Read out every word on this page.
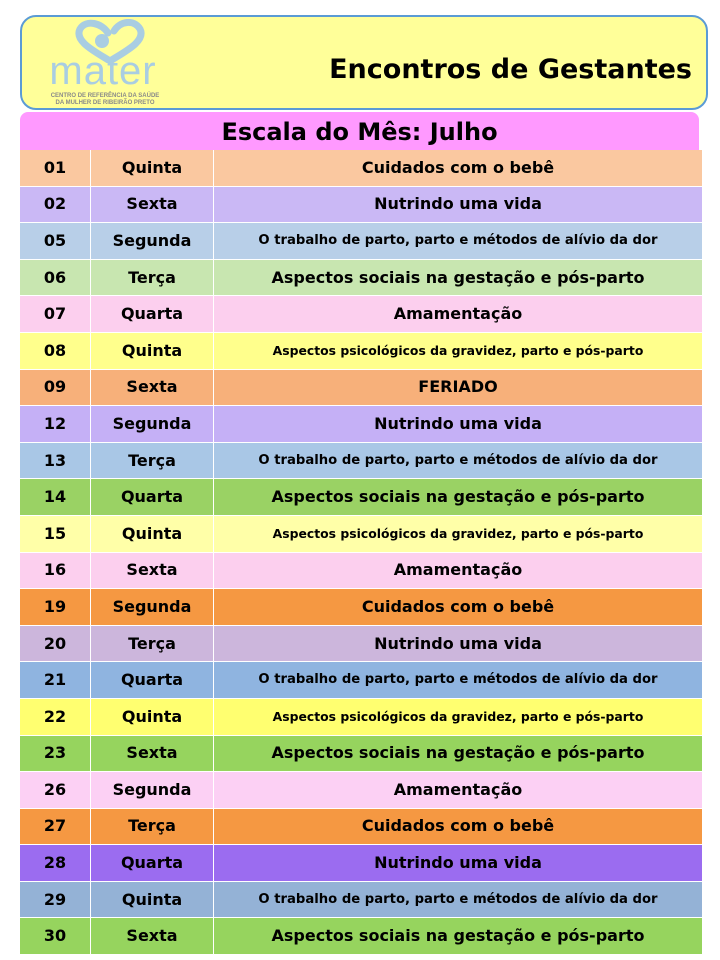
mater
CENTRO DE REFERÊNCIA DA SAÚDE
DA MULHER DE RIBEIRÃO PRETO
Encontros de Gestantes
Escala do Mês: Julho
01	Quinta	Cuidados com o bebê
02	Sexta	Nutrindo uma vida
05	Segunda	O trabalho de parto, parto e métodos de alívio da dor
06	Terça	Aspectos sociais na gestação e pós-parto
07	Quarta	Amamentação
08	Quinta	Aspectos psicológicos da gravidez, parto e pós-parto
09	Sexta	FERIADO
12	Segunda	Nutrindo uma vida
13	Terça	O trabalho de parto, parto e métodos de alívio da dor
14	Quarta	Aspectos sociais na gestação e pós-parto
15	Quinta	Aspectos psicológicos da gravidez, parto e pós-parto
16	Sexta	Amamentação
19	Segunda	Cuidados com o bebê
20	Terça	Nutrindo uma vida
21	Quarta	O trabalho de parto, parto e métodos de alívio da dor
22	Quinta	Aspectos psicológicos da gravidez, parto e pós-parto
23	Sexta	Aspectos sociais na gestação e pós-parto
26	Segunda	Amamentação
27	Terça	Cuidados com o bebê
28	Quarta	Nutrindo uma vida
29	Quinta	O trabalho de parto, parto e métodos de alívio da dor
30	Sexta	Aspectos sociais na gestação e pós-parto
